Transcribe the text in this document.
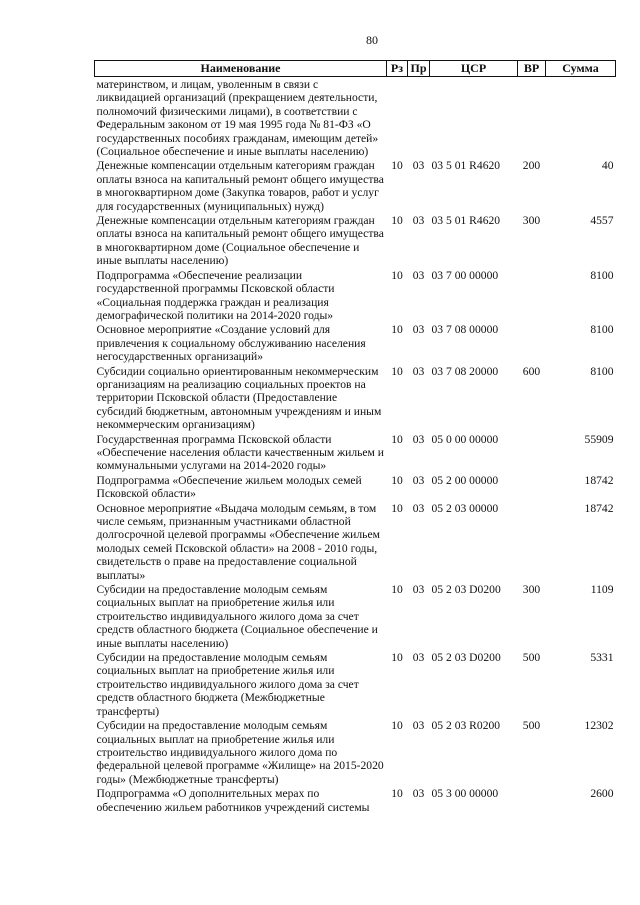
80
Наименование	Рз	Пр	ЦСР	ВР	Сумма
материнством, и лицам, уволенным в связи с ликвидацией организаций (прекращением деятельности, полномочий физическими лицами), в соответствии с Федеральным законом от 19 мая 1995 года № 81-ФЗ «О государственных пособиях гражданам, имеющим детей» (Социальное обеспечение и иные выплаты населению)					
Денежные компенсации отдельным категориям граждан оплаты взноса на капитальный ремонт общего имущества в многоквартирном доме (Закупка товаров, работ и услуг для государственных (муниципальных) нужд)	10	03	03 5 01 R4620	200	40
Денежные компенсации отдельным категориям граждан оплаты взноса на капитальный ремонт общего имущества в многоквартирном доме (Социальное обеспечение и иные выплаты населению)	10	03	03 5 01 R4620	300	4557
Подпрограмма «Обеспечение реализации государственной программы Псковской области «Социальная поддержка граждан и реализация демографической политики на 2014-2020 годы»	10	03	03 7 00 00000		8100
Основное мероприятие «Создание условий для привлечения к социальному обслуживанию населения негосударственных организаций»	10	03	03 7 08 00000		8100
Субсидии социально ориентированным некоммерческим организациям на реализацию социальных проектов на территории Псковской области (Предоставление субсидий бюджетным, автономным учреждениям и иным некоммерческим организациям)	10	03	03 7 08 20000	600	8100
Государственная программа Псковской области «Обеспечение населения области качественным жильем и коммунальными услугами на 2014-2020 годы»	10	03	05 0 00 00000		55909
Подпрограмма «Обеспечение жильем молодых семей Псковской области»	10	03	05 2 00 00000		18742
Основное мероприятие «Выдача молодым семьям, в том числе семьям, признанным участниками областной долгосрочной целевой программы «Обеспечение жильем молодых семей Псковской области» на 2008 - 2010 годы, свидетельств о праве на предоставление социальной выплаты»	10	03	05 2 03 00000		18742
Субсидии на предоставление молодым семьям социальных выплат на приобретение жилья или строительство индивидуального жилого дома за счет средств областного бюджета (Социальное обеспечение и иные выплаты населению)	10	03	05 2 03 D0200	300	1109
Субсидии на предоставление молодым семьям социальных выплат на приобретение жилья или строительство индивидуального жилого дома за счет средств областного бюджета (Межбюджетные трансферты)	10	03	05 2 03 D0200	500	5331
Субсидии на предоставление молодым семьям социальных выплат на приобретение жилья или строительство индивидуального жилого дома по федеральной целевой программе «Жилище» на 2015-2020 годы» (Межбюджетные трансферты)	10	03	05 2 03 R0200	500	12302
Подпрограмма «О дополнительных мерах по обеспечению жильем работников учреждений системы	10	03	05 3 00 00000		2600
